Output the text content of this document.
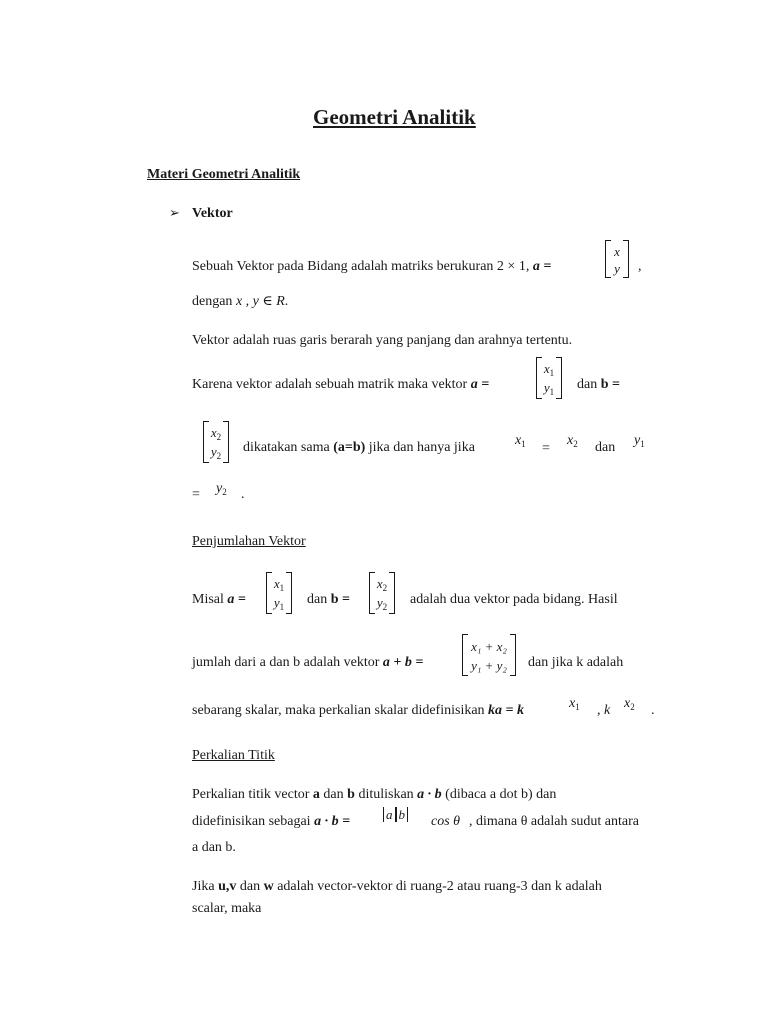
Geometri Analitik
Materi Geometri Analitik
➢ Vektor
Sebuah Vektor pada Bidang adalah matriks berukuran 2 × 1, a =
x
y	,
dengan x , y ∈ R.
Vektor adalah ruas garis berarah yang panjang dan arahnya tertentu.
Karena vektor adalah sebuah matrik maka vektor a =
$x_1$
$y_1$	dan b =
$x_2$
$y_2$
dikatakan sama (a=b) jika dan hanya jika	$x_1$ =
$x_2$ dan $y_1$
= $y_2$ .
Penjumlahan Vektor
Misal a =
$x_1$
$y_1$	dan b =
$x_2$
$y_2$	adalah dua vektor pada bidang. Hasil
jumlah dari a dan b adalah vektor a + b =
x₁ + x₂
y₁ + y₂	dan jika k adalah
sebarang skalar, maka perkalian skalar didefinisikan ka = k	$x_1$ , k $x_2$ .
Perkalian Titik
Perkalian titik vector a dan b dituliskan a · b (dibaca a dot b) dan
didefinisikan sebagai a · b =	a b cos θ , dimana θ adalah sudut antara
a dan b.
Jika u,v dan w adalah vector-vektor di ruang-2 atau ruang-3 dan k adalah
scalar, maka
